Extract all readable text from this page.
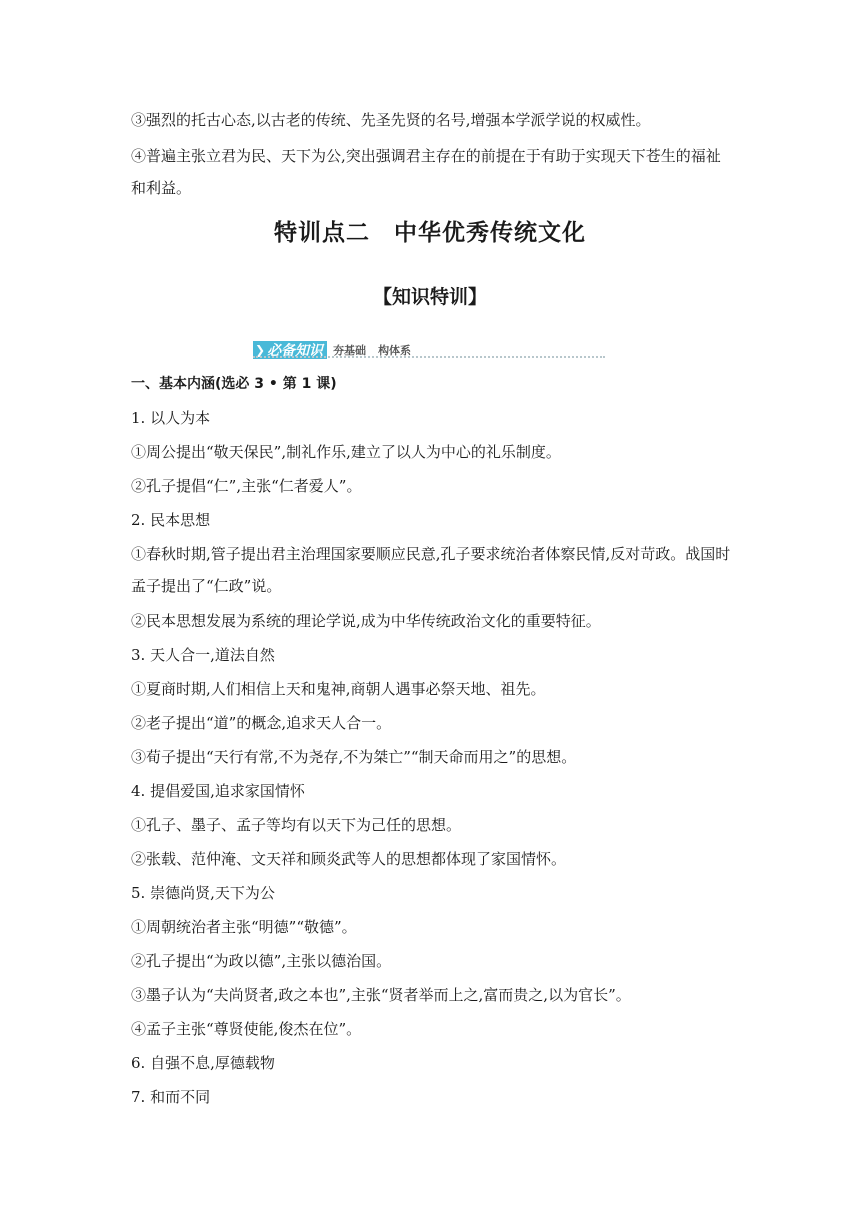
③强烈的托古心态,以古老的传统、先圣先贤的名号,增强本学派学说的权威性。
④普遍主张立君为民、天下为公,突出强调君主存在的前提在于有助于实现天下苍生的福祉和利益。
特训点二 中华优秀传统文化
【知识特训】
❯ 必备知识 夯基础 构体系
一、基本内涵(选必 3 • 第 1 课)
1. 以人为本
①周公提出“敬天保民”,制礼作乐,建立了以人为中心的礼乐制度。
②孔子提倡“仁”,主张“仁者爱人”。
2. 民本思想
①春秋时期,管子提出君主治理国家要顺应民意,孔子要求统治者体察民情,反对苛政。战国时孟子提出了“仁政”说。
②民本思想发展为系统的理论学说,成为中华传统政治文化的重要特征。
3. 天人合一,道法自然
①夏商时期,人们相信上天和鬼神,商朝人遇事必祭天地、祖先。
②老子提出“道”的概念,追求天人合一。
③荀子提出“天行有常,不为尧存,不为桀亡”“制天命而用之”的思想。
4. 提倡爱国,追求家国情怀
①孔子、墨子、孟子等均有以天下为己任的思想。
②张载、范仲淹、文天祥和顾炎武等人的思想都体现了家国情怀。
5. 崇德尚贤,天下为公
①周朝统治者主张“明德”“敬德”。
②孔子提出“为政以德”,主张以德治国。
③墨子认为“夫尚贤者,政之本也”,主张“贤者举而上之,富而贵之,以为官长”。
④孟子主张“尊贤使能,俊杰在位”。
6. 自强不息,厚德载物
7. 和而不同
